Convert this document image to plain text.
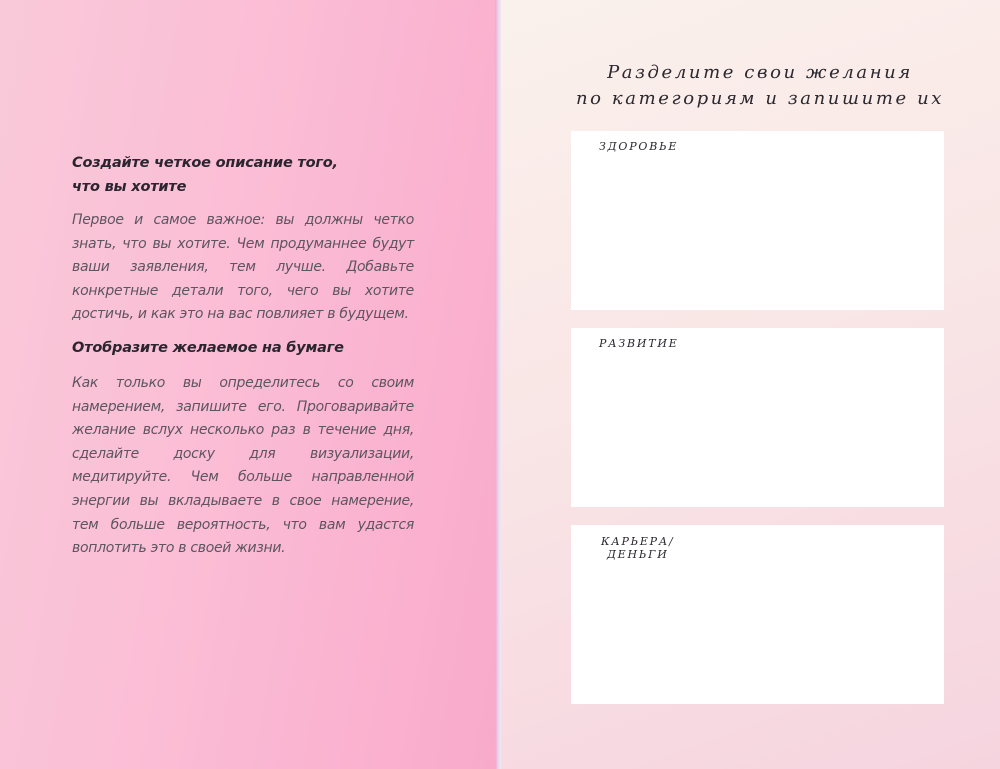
Создайте четкое описание того,
что вы хотите

Первое и самое важное: вы должны четко знать, что вы хотите. Чем продуманнее будут ваши заявления, тем лучше. Добавьте конкретные детали того, чего вы хотите достичь, и как это на вас повлияет в будущем.

Отобразите желаемое на бумаге

Как только вы определитесь со своим намерением, запишите его. Проговаривайте желание вслух несколько раз в течение дня, сделайте доску для визуализации, медитируйте. Чем больше направленной энергии вы вкладываете в свое намерение, тем больше вероятность, что вам удастся воплотить это в своей жизни.

Разделите свои желания
по категориям и запишите их
ЗДОРОВЬЕ
РАЗВИТИЕ
КАРЬЕРА/
ДЕНЬГИ
